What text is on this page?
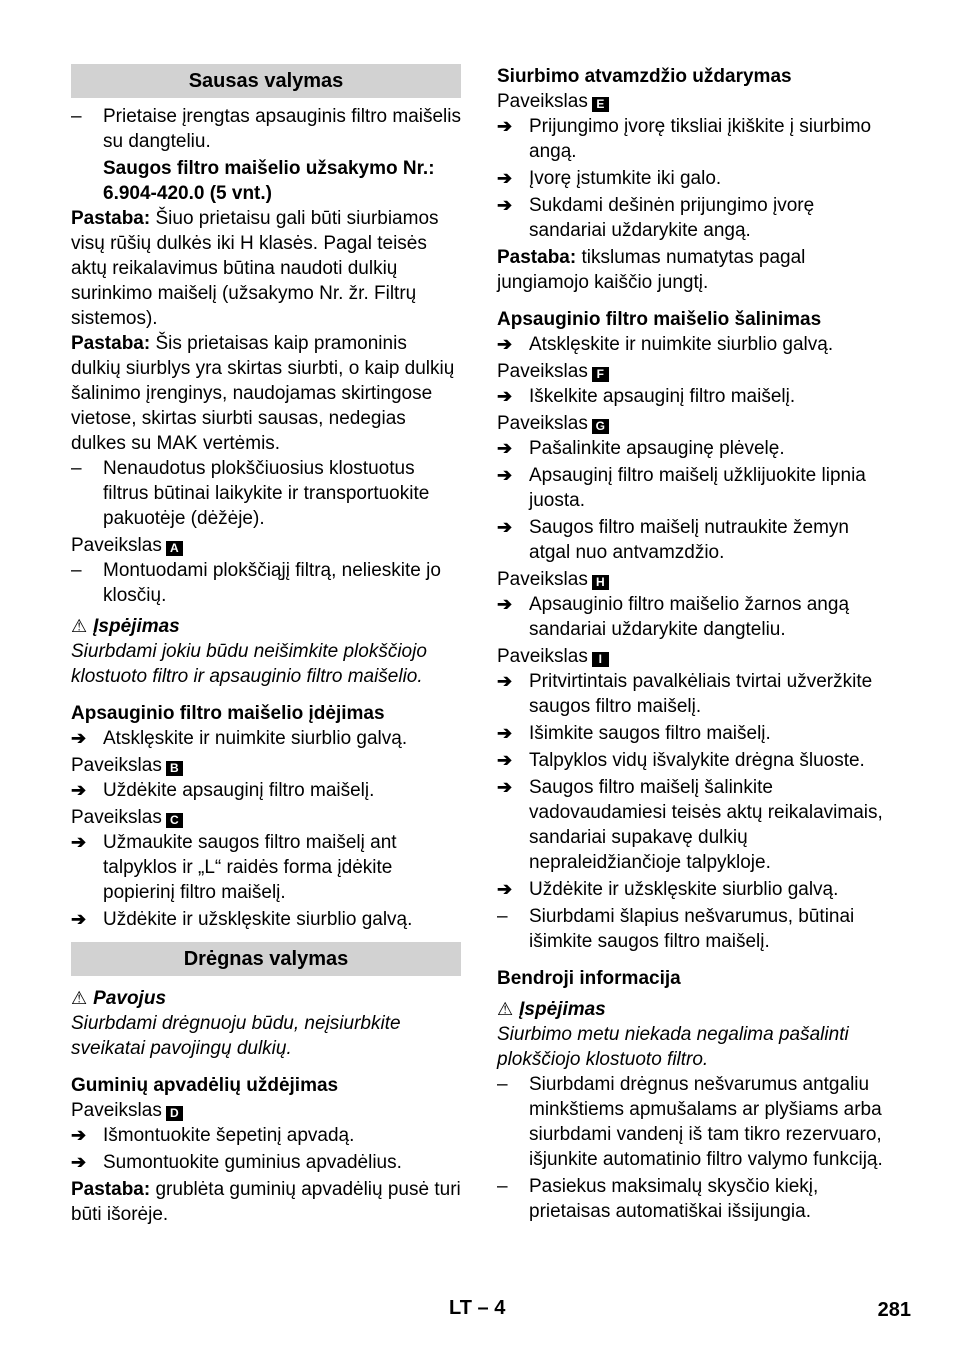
Sausas valymas
–	Prietaise įrengtas apsauginis filtro maišelis su dangteliu.
Saugos filtro maišelio užsakymo Nr.:
6.904-420.0 (5 vnt.)

Pastaba: Šiuo prietaisu gali būti siurbiamos visų rūšių dulkės iki H klasės. Pagal teisės aktų reikalavimus būtina naudoti dulkių surinkimo maišelį (užsakymo Nr. žr. Filtrų sistemos).

Pastaba: Šis prietaisas kaip pramoninis dulkių siurblys yra skirtas siurbti, o kaip dulkių šalinimo įrenginys, naudojamas skirtingose vietose, skirtas siurbti sausas, nedegias dulkes su MAK vertėmis.

–	Nenaudotus plokščiuosius klostuotus filtrus būtinai laikykite ir transportuokite pakuotėje (dėžėje).
Paveikslas A
–	Montuodami plokščiąjį filtrą, nelieskite jo klosčių.
⚠ Įspėjimas

Siurbdami jokiu būdu neišimkite plokščiojo klostuoto filtro ir apsauginio filtro maišelio.

Apsauginio filtro maišelio įdėjimas
➔ Atsklęskite ir nuimkite siurblio galvą.
Paveikslas B
➔ Uždėkite apsauginį filtro maišelį.
Paveikslas C
➔ Užmaukite saugos filtro maišelį ant talpyklos ir „L“ raidės forma įdėkite popierinį filtro maišelį.
➔ Uždėkite ir užsklęskite siurblio galvą.
Drėgnas valymas
⚠ Pavojus

Siurbdami drėgnuoju būdu, neįsiurbkite sveikatai pavojingų dulkių.

Guminių apvadėlių uždėjimas
Paveikslas D
➔ Išmontuokite šepetinį apvadą.
➔ Sumontuokite guminius apvadėlius.

Pastaba: grublėta guminių apvadėlių pusė turi būti išorėje.

Siurbimo atvamzdžio uždarymas
Paveikslas E
➔ Prijungimo įvorę tiksliai įkiškite į siurbimo angą.
➔ Įvorę įstumkite iki galo.
➔ Sukdami dešinėn prijungimo įvorę sandariai uždarykite angą.

Pastaba: tikslumas numatytas pagal jungiamojo kaiščio jungtį.

Apsauginio filtro maišelio šalinimas
➔ Atsklęskite ir nuimkite siurblio galvą.
Paveikslas F
➔ Iškelkite apsauginį filtro maišelį.
Paveikslas G
➔ Pašalinkite apsauginę plėvelę.
➔ Apsauginį filtro maišelį užklijuokite lipnia juosta.
➔ Saugos filtro maišelį nutraukite žemyn atgal nuo antvamzdžio.
Paveikslas H
➔ Apsauginio filtro maišelio žarnos angą sandariai uždarykite dangteliu.
Paveikslas I
➔ Pritvirtintais pavalkėliais tvirtai užveržkite saugos filtro maišelį.
➔ Išimkite saugos filtro maišelį.
➔ Talpyklos vidų išvalykite drėgna šluoste.
➔ Saugos filtro maišelį šalinkite vadovaudamiesi teisės aktų reikalavimais, sandariai supakavę dulkių nepraleidžiančioje talpykloje.
➔ Uždėkite ir užsklęskite siurblio galvą.
–	Siurbdami šlapius nešvarumus, būtinai išimkite saugos filtro maišelį.
Bendroji informacija
⚠ Įspėjimas

Siurbimo metu niekada negalima pašalinti plokščiojo klostuoto filtro.

–	Siurbdami drėgnus nešvarumus antgaliu minkštiems apmušalams ar plyšiams arba siurbdami vandenį iš tam tikro rezervuaro, išjunkite automatinio filtro valymo funkciją.
–	Pasiekus maksimalų skysčio kiekį, prietaisas automatiškai išsijungia.
LT – 4	281
